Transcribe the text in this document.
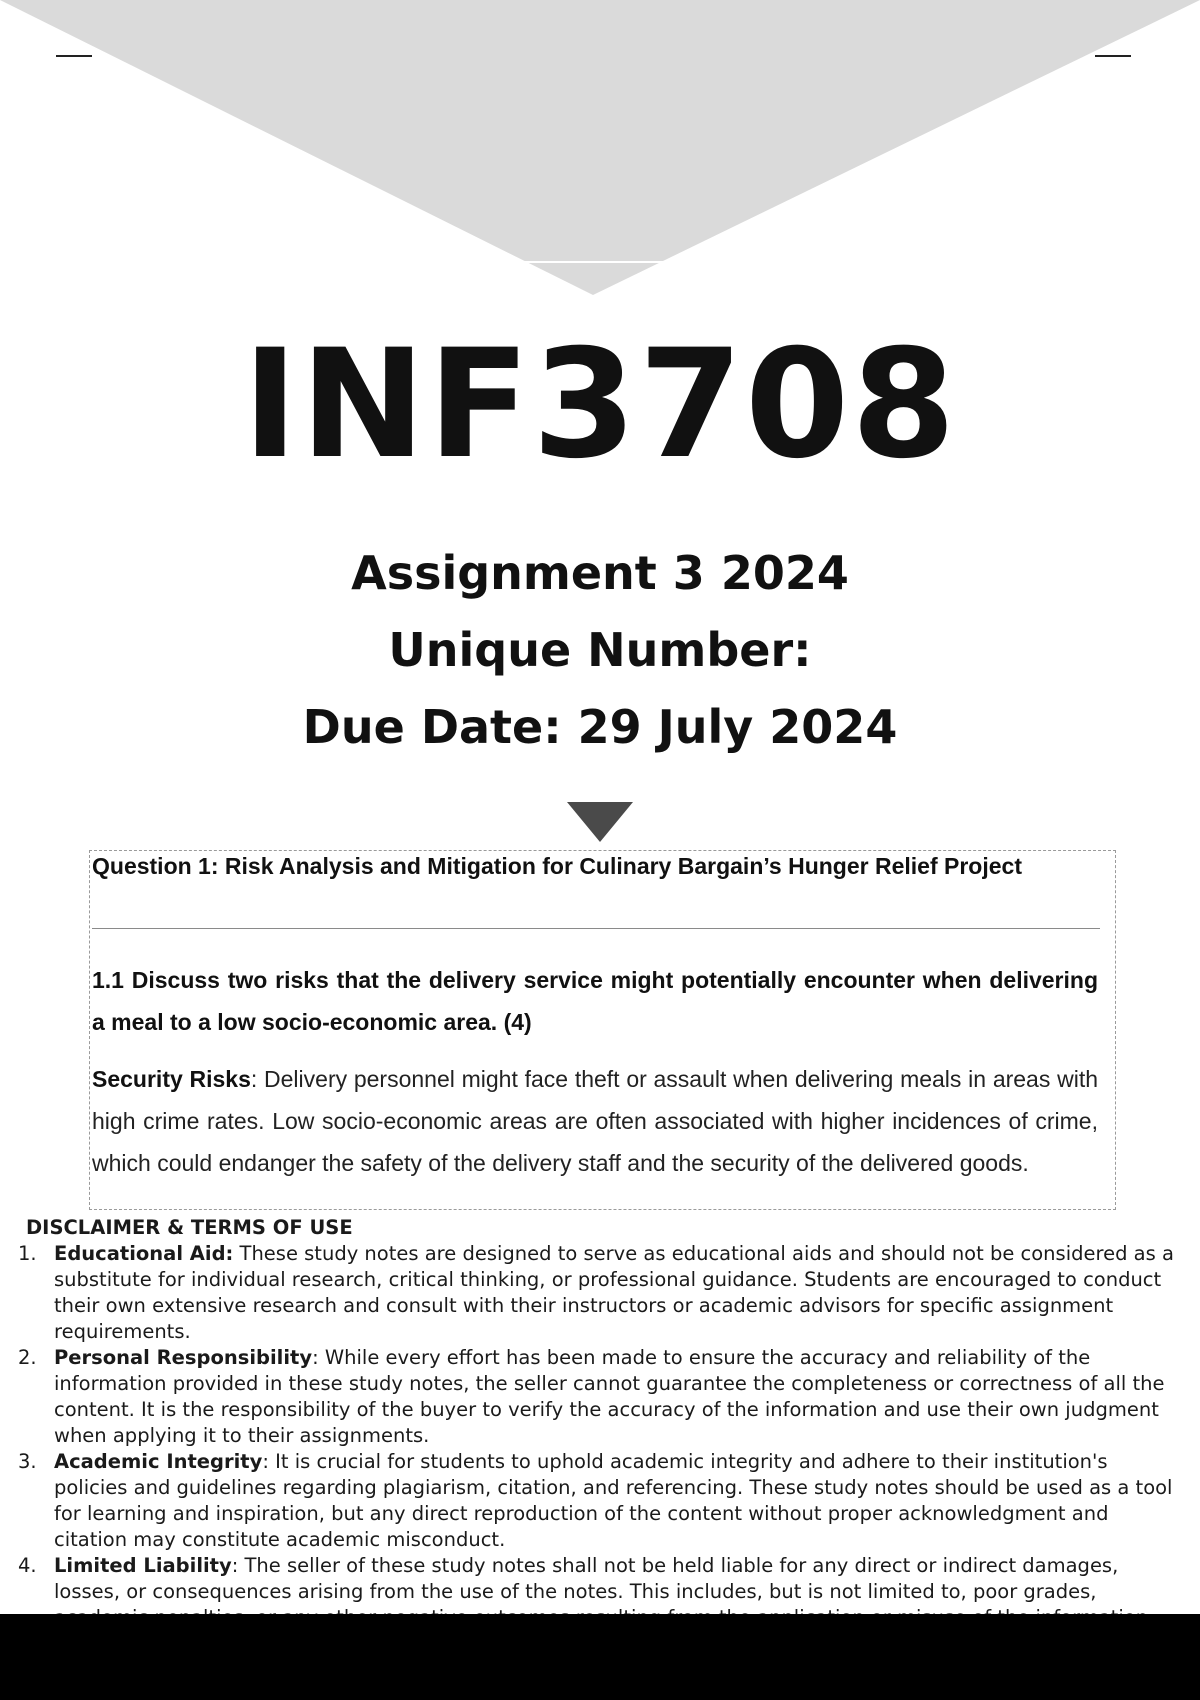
INF3708
Assignment 3 2024
Unique Number:
Due Date: 29 July 2024
Question 1: Risk Analysis and Mitigation for Culinary Bargain’s Hunger Relief Project
1.1 Discuss two risks that the delivery service might potentially encounter when delivering a meal to a low socio-economic area. (4)
Security Risks: Delivery personnel might face theft or assault when delivering meals in areas with high crime rates. Low socio-economic areas are often associated with higher incidences of crime, which could endanger the safety of the delivery staff and the security of the delivered goods.
DISCLAIMER & TERMS OF USE
1. Educational Aid: These study notes are designed to serve as educational aids and should not be considered as a substitute for individual research, critical thinking, or professional guidance. Students are encouraged to conduct their own extensive research and consult with their instructors or academic advisors for specific assignment requirements.
2. Personal Responsibility: While every effort has been made to ensure the accuracy and reliability of the information provided in these study notes, the seller cannot guarantee the completeness or correctness of all the content. It is the responsibility of the buyer to verify the accuracy of the information and use their own judgment when applying it to their assignments.
3. Academic Integrity: It is crucial for students to uphold academic integrity and adhere to their institution's policies and guidelines regarding plagiarism, citation, and referencing. These study notes should be used as a tool for learning and inspiration, but any direct reproduction of the content without proper acknowledgment and citation may constitute academic misconduct.
4. Limited Liability: The seller of these study notes shall not be held liable for any direct or indirect damages, losses, or consequences arising from the use of the notes. This includes, but is not limited to, poor grades,
